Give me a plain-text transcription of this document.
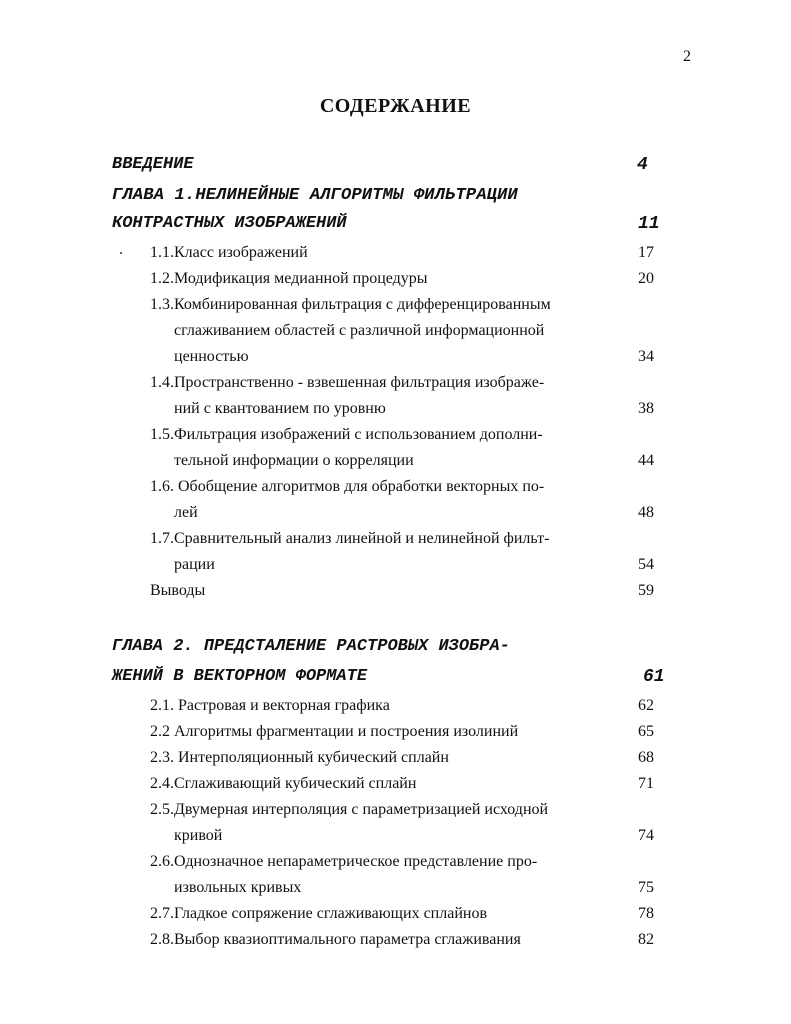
2
СОДЕРЖАНИЕ
ВВЕДЕНИЕ	4
ГЛАВА 1.НЕЛИНЕЙНЫЕ АЛГОРИТМЫ ФИЛЬТРАЦИИ
КОНТРАСТНЫХ ИЗОБРАЖЕНИЙ	11
1.1.Класс изображений	17
1.2.Модификация медианной процедуры	20
1.3.Комбинированная фильтрация с дифференцированным
сглаживанием областей с различной информационной
ценностью	34
1.4.Пространственно - взвешенная фильтрация изображе-
ний с квантованием по уровню	38
1.5.Фильтрация изображений с использованием дополни-
тельной информации о корреляции	44
1.6. Обобщение алгоритмов для обработки векторных по-
лей	48
1.7.Сравнительный анализ линейной и нелинейной фильт-
рации	54
Выводы	59
ГЛАВА 2. ПРЕДСТАЛЕНИЕ РАСТРОВЫХ ИЗОБРА-
ЖЕНИЙ В ВЕКТОРНОМ ФОРМАТЕ	61
2.1. Растровая и векторная графика	62
2.2 Алгоритмы фрагментации и построения изолиний	65
2.3. Интерполяционный кубический сплайн	68
2.4.Сглаживающий кубический сплайн	71
2.5.Двумерная интерполяция с параметризацией исходной
кривой	74
2.6.Однозначное непараметрическое представление про-
извольных кривых	75
2.7.Гладкое сопряжение сглаживающих сплайнов	78
2.8.Выбор квазиоптимального параметра сглаживания	82
